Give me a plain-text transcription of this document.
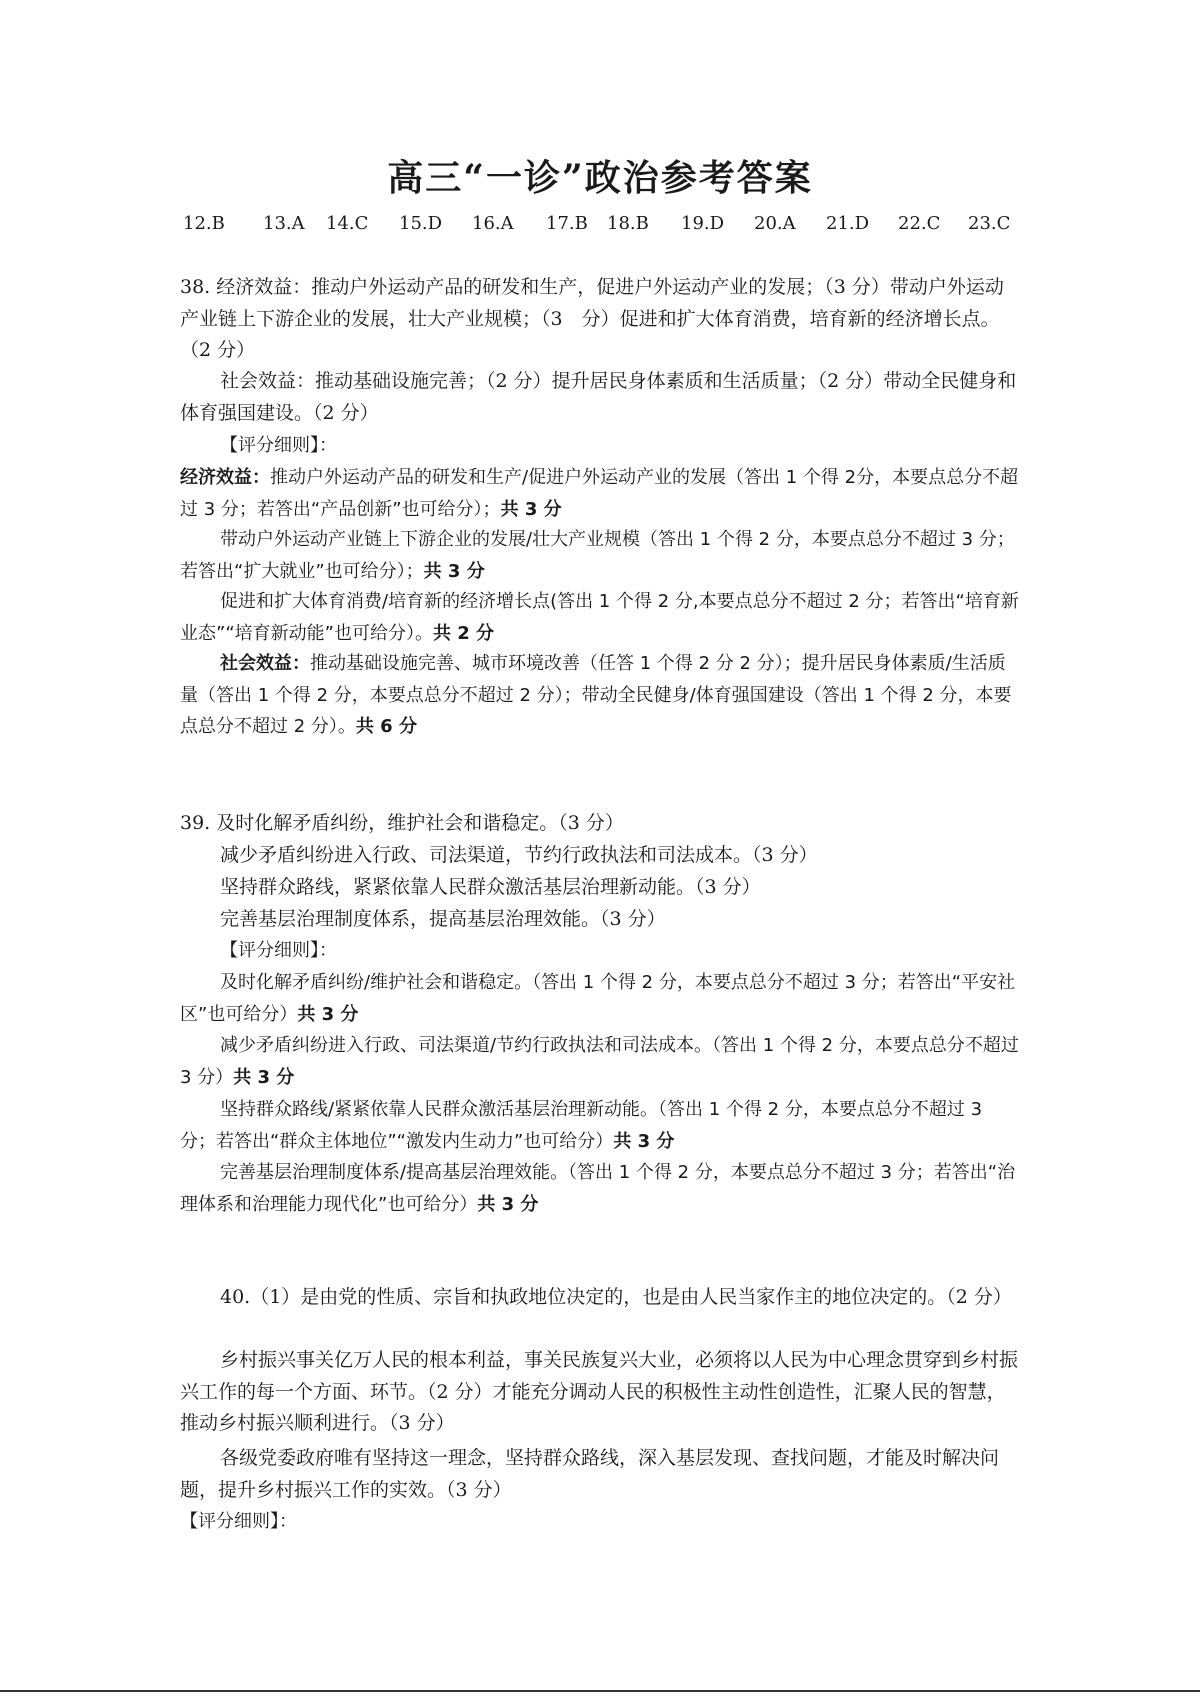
高三“一诊”政治参考答案
12.B 13.A 14.C 15.D 16.A 17.B 18.B 19.D 20.A 21.D 22.C 23.C

38. 经济效益：推动户外运动产品的研发和生产，促进户外运动产业的发展；（3 分）带动户外运动产业链上下游企业的发展，壮大产业规模；（3　分）促进和扩大体育消费，培育新的经济增长点。（2 分）

社会效益：推动基础设施完善；（2 分）提升居民身体素质和生活质量；（2 分）带动全民健身和体育强国建设。（2 分）

【评分细则】：

经济效益：推动户外运动产品的研发和生产/促进户外运动产业的发展（答出 1 个得 2分，本要点总分不超过 3 分；若答出“产品创新”也可给分）；共 3 分

带动户外运动产业链上下游企业的发展/壮大产业规模（答出 1 个得 2 分，本要点总分不超过 3 分；若答出“扩大就业”也可给分）；共 3 分

促进和扩大体育消费/培育新的经济增长点(答出 1 个得 2 分,本要点总分不超过 2 分；若答出“培育新业态”“培育新动能”也可给分）。共 2 分

社会效益：推动基础设施完善、城市环境改善（任答 1 个得 2 分 2 分）；提升居民身体素质/生活质量（答出 1 个得 2 分，本要点总分不超过 2 分）；带动全民健身/体育强国建设（答出 1 个得 2 分，本要点总分不超过 2 分）。共 6 分

39. 及时化解矛盾纠纷，维护社会和谐稳定。（3 分）

减少矛盾纠纷进入行政、司法渠道，节约行政执法和司法成本。（3 分）

坚持群众路线，紧紧依靠人民群众激活基层治理新动能。（3 分）

完善基层治理制度体系，提高基层治理效能。（3 分）

【评分细则】：

及时化解矛盾纠纷/维护社会和谐稳定。（答出 1 个得 2 分，本要点总分不超过 3 分；若答出“平安社区”也可给分）共 3 分

减少矛盾纠纷进入行政、司法渠道/节约行政执法和司法成本。（答出 1 个得 2 分，本要点总分不超过 3 分）共 3 分

坚持群众路线/紧紧依靠人民群众激活基层治理新动能。（答出 1 个得 2 分，本要点总分不超过 3 分；若答出“群众主体地位”“激发内生动力”也可给分）共 3 分

完善基层治理制度体系/提高基层治理效能。（答出 1 个得 2 分，本要点总分不超过 3 分；若答出“治理体系和治理能力现代化”也可给分）共 3 分

40.（1）是由党的性质、宗旨和执政地位决定的，也是由人民当家作主的地位决定的。（2 分）

乡村振兴事关亿万人民的根本利益，事关民族复兴大业，必须将以人民为中心理念贯穿到乡村振兴工作的每一个方面、环节。（2 分）才能充分调动人民的积极性主动性创造性，汇聚人民的智慧，推动乡村振兴顺利进行。（3 分）

各级党委政府唯有坚持这一理念，坚持群众路线，深入基层发现、查找问题，才能及时解决问题，提升乡村振兴工作的实效。（3 分）

【评分细则】：
